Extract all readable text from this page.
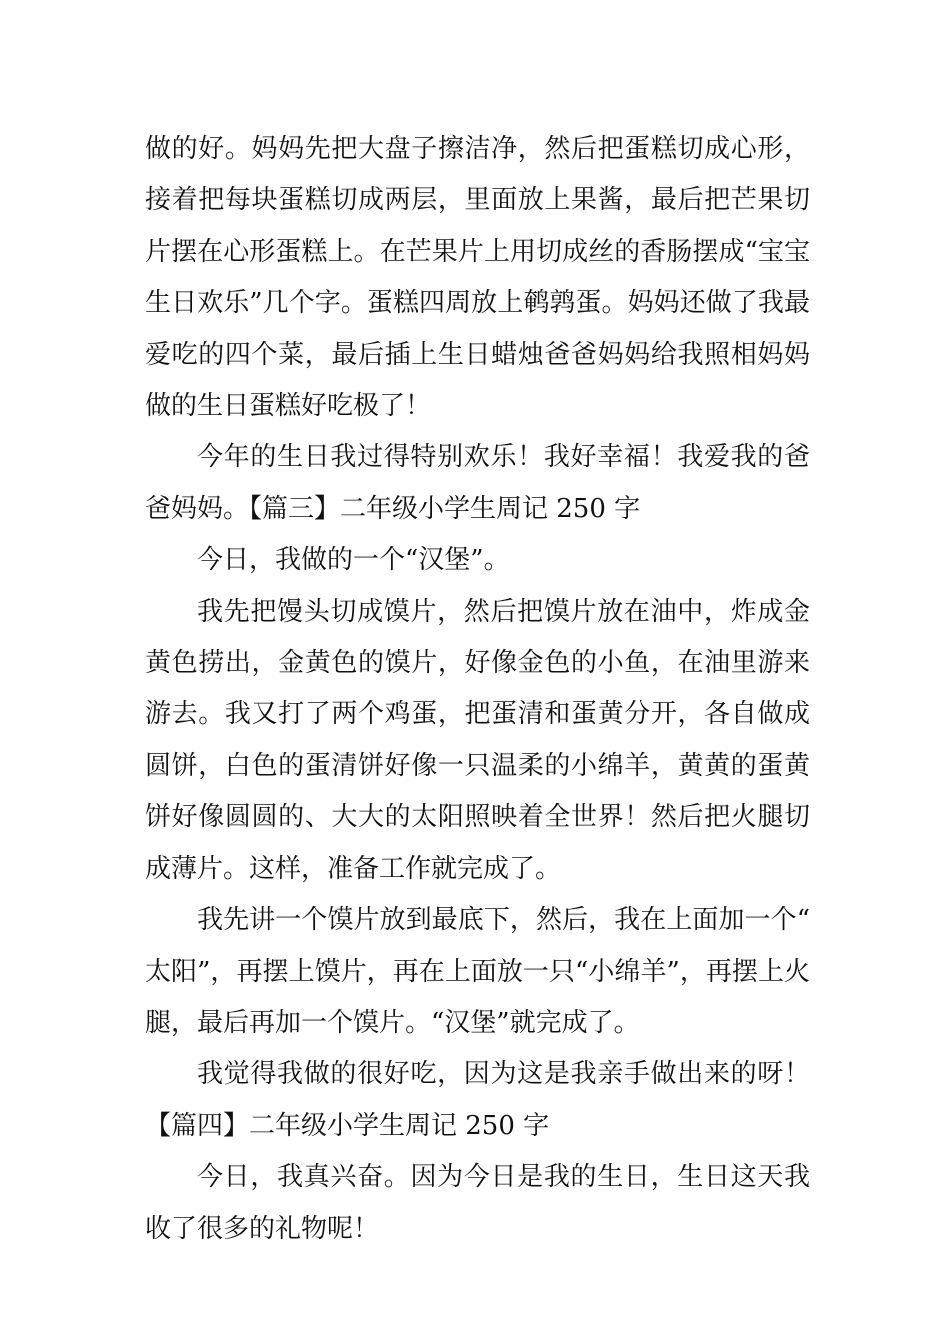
做的好。妈妈先把大盘子擦洁净，然后把蛋糕切成心形，接着把每块蛋糕切成两层，里面放上果酱，最后把芒果切片摆在心形蛋糕上。在芒果片上用切成丝的香肠摆成“宝宝生日欢乐”几个字。蛋糕四周放上鹌鹑蛋。妈妈还做了我最爱吃的四个菜，最后插上生日蜡烛爸爸妈妈给我照相妈妈做的生日蛋糕好吃极了！

今年的生日我过得特别欢乐！我好幸福！我爱我的爸爸妈妈。【篇三】二年级小学生周记 250 字

今日，我做的一个“汉堡”。

我先把馒头切成馍片，然后把馍片放在油中，炸成金黄色捞出，金黄色的馍片，好像金色的小鱼，在油里游来游去。我又打了两个鸡蛋，把蛋清和蛋黄分开，各自做成圆饼，白色的蛋清饼好像一只温柔的小绵羊，黄黄的蛋黄饼好像圆圆的、大大的太阳照映着全世界！然后把火腿切成薄片。这样，准备工作就完成了。

我先讲一个馍片放到最底下，然后，我在上面加一个“太阳”，再摆上馍片，再在上面放一只“小绵羊”，再摆上火腿，最后再加一个馍片。“汉堡”就完成了。

我觉得我做的很好吃，因为这是我亲手做出来的呀！【篇四】二年级小学生周记 250 字

今日，我真兴奋。因为今日是我的生日，生日这天我收了很多的礼物呢！
